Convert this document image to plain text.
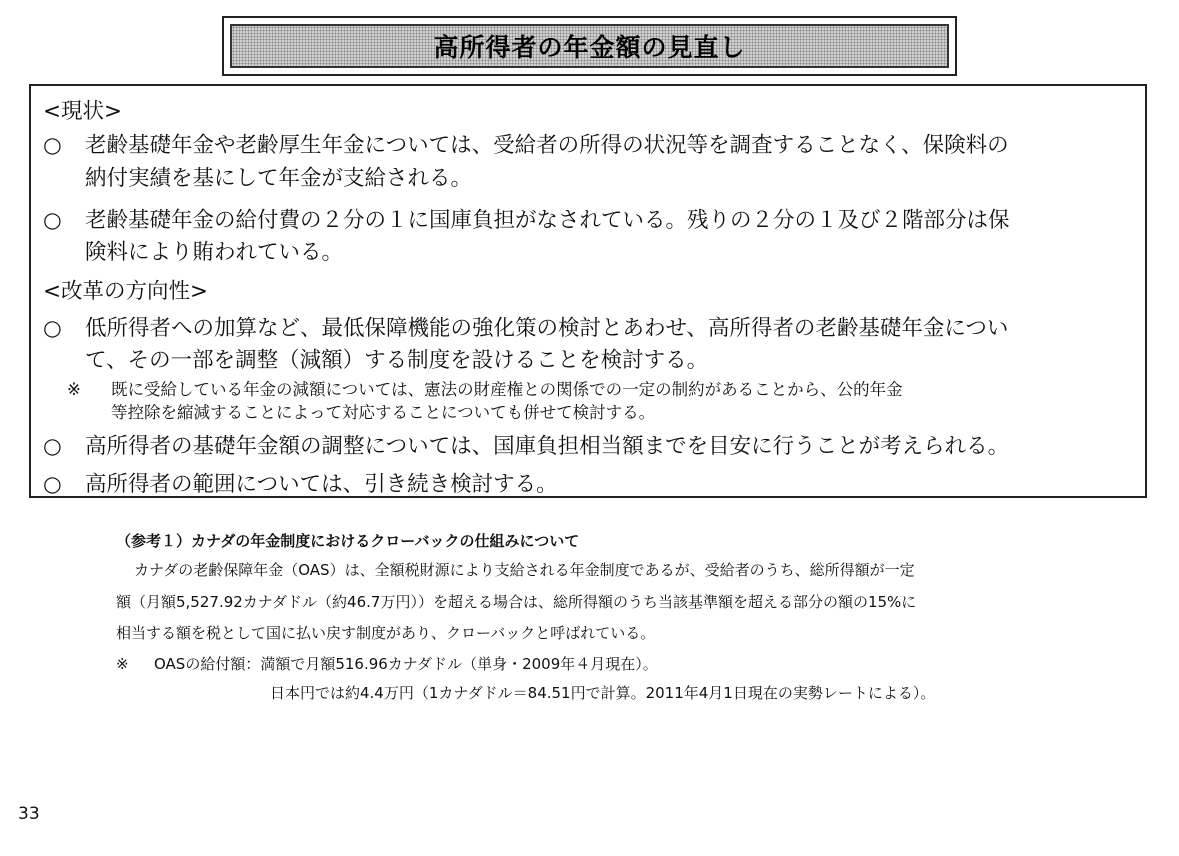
高所得者の年金額の見直し
<現状>
○ 老齢基礎年金や老齢厚生年金については、受給者の所得の状況等を調査することなく、保険料の
納付実績を基にして年金が支給される。
○ 老齢基礎年金の給付費の２分の１に国庫負担がなされている。残りの２分の１及び２階部分は保
険料により賄われている。
<改革の方向性>
○ 低所得者への加算など、最低保障機能の強化策の検討とあわせ、高所得者の老齢基礎年金につい
て、その一部を調整（減額）する制度を設けることを検討する。
※ 既に受給している年金の減額については、憲法の財産権との関係での一定の制約があることから、公的年金
等控除を縮減することによって対応することについても併せて検討する。
○ 高所得者の基礎年金額の調整については、国庫負担相当額までを目安に行うことが考えられる。
○ 高所得者の範囲については、引き続き検討する。
（参考１）カナダの年金制度におけるクローバックの仕組みについて
カナダの老齢保障年金（OAS）は、全額税財源により支給される年金制度であるが、受給者のうち、総所得額が一定
額（月額5,527.92カナダドル（約46.7万円））を超える場合は、総所得額のうち当該基準額を超える部分の額の15%に
相当する額を税として国に払い戻す制度があり、クローバックと呼ばれている。
※ OASの給付額：満額で月額516.96カナダドル（単身・2009年４月現在）。
日本円では約4.4万円（1カナダドル＝84.51円で計算。2011年4月1日現在の実勢レートによる）。
33
